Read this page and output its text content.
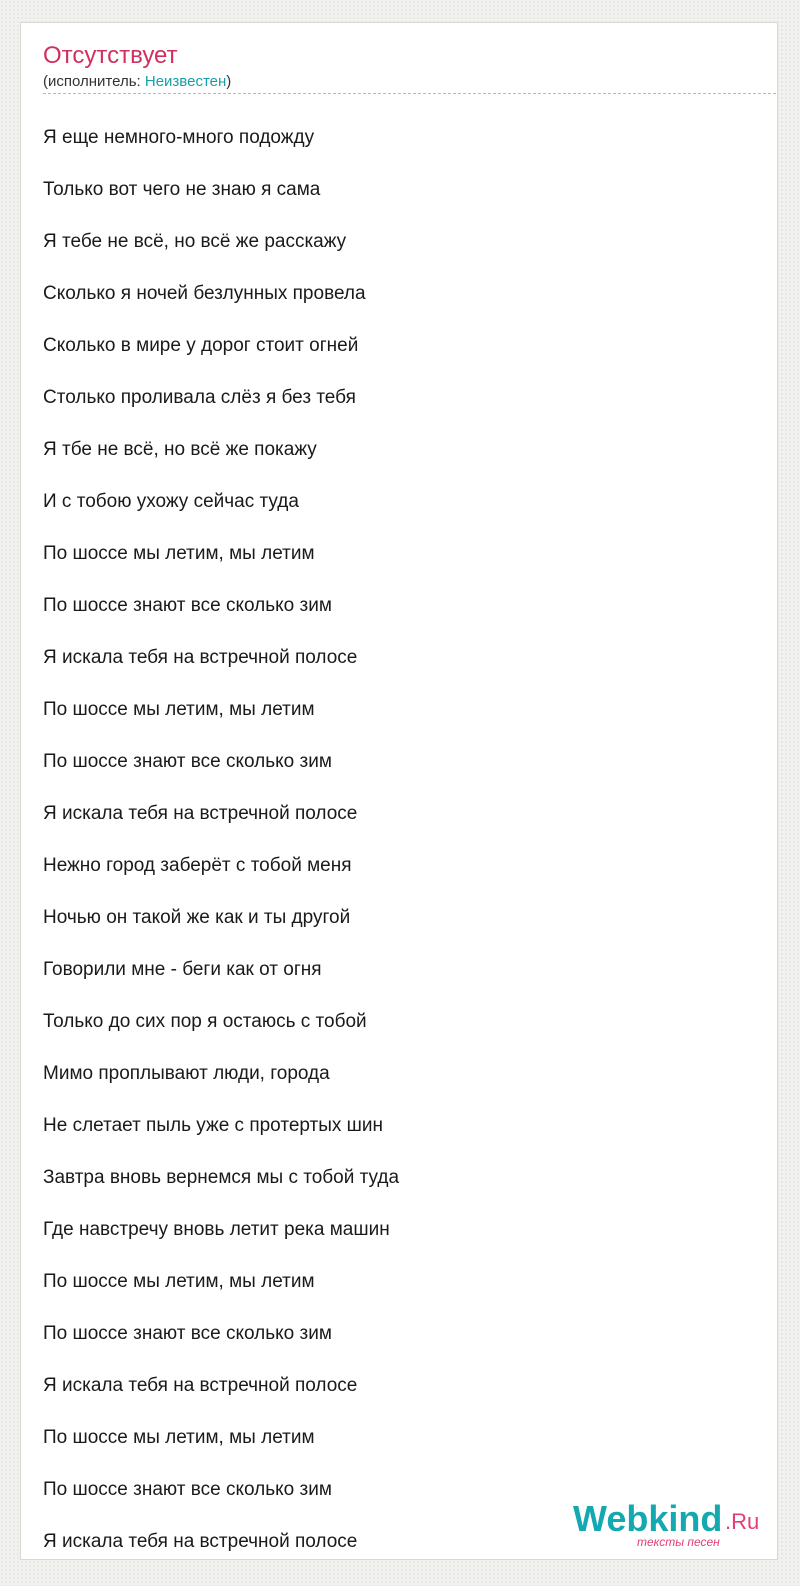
Отсутствует
(исполнитель: Неизвестен)
Я еще немного-много подожду
Только вот чего не знаю я сама
Я тебе не всё, но всё же расскажу
Сколько я ночей безлунных провела
Сколько в мире у дорог стоит огней
Столько проливала слёз я без тебя
Я тбе не всё, но всё же покажу
И с тобою ухожу сейчас туда
По шоссе мы летим, мы летим
По шоссе знают все сколько зим
Я искала тебя на встречной полосе
По шоссе мы летим, мы летим
По шоссе знают все сколько зим
Я искала тебя на встречной полосе
Нежно город заберёт с тобой меня
Ночью он такой же как и ты другой
Говорили мне - беги как от огня
Только до сих пор я остаюсь с тобой
Мимо проплывают люди, города
Не слетает пыль уже с протертых шин
Завтра вновь вернемся мы с тобой туда
Где навстречу вновь летит река машин
По шоссе мы летим, мы летим
По шоссе знают все сколько зим
Я искала тебя на встречной полосе
По шоссе мы летим, мы летим
По шоссе знают все сколько зим
Я искала тебя на встречной полосе
Webkind .Ru
тексты песен
